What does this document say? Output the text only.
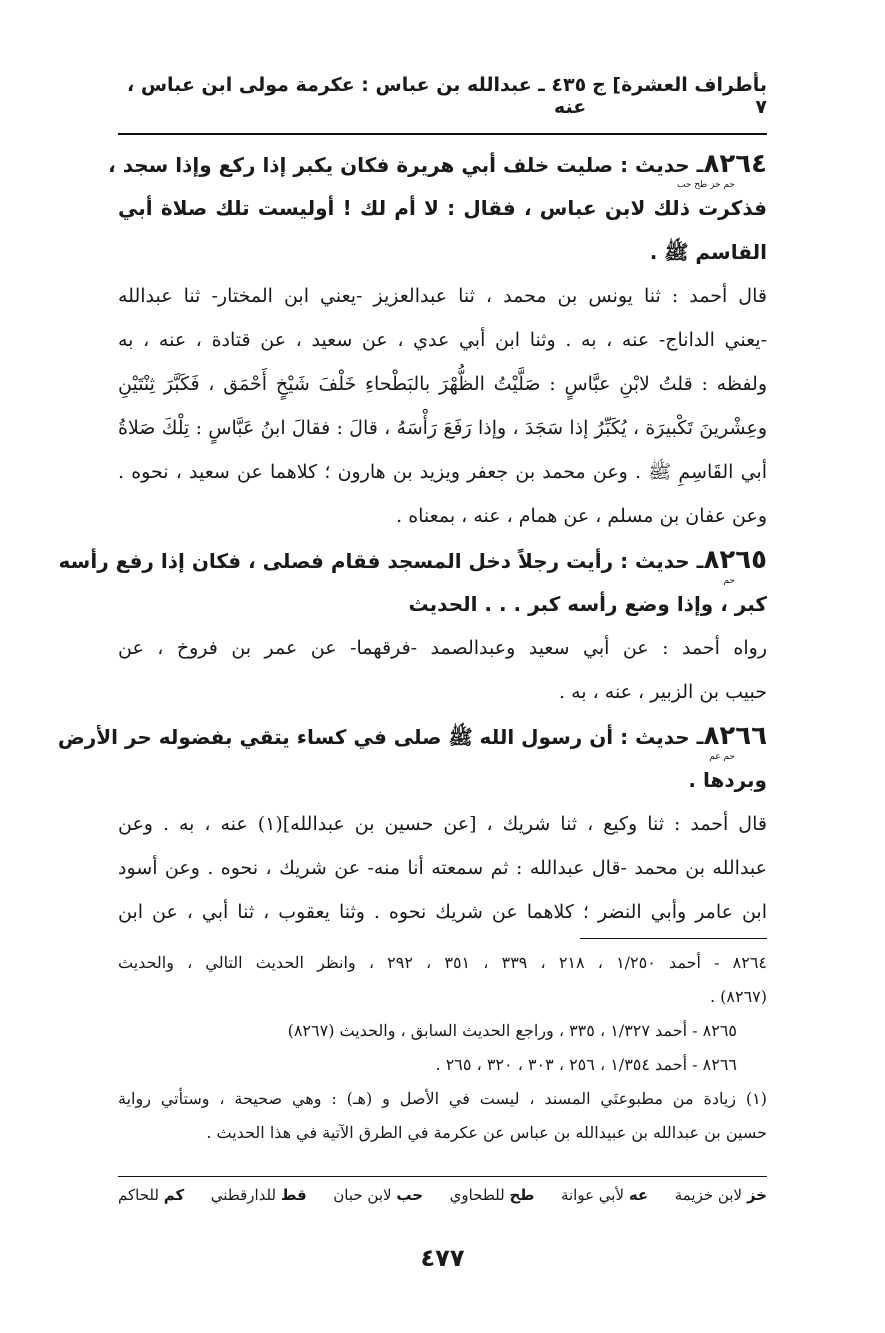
بأطراف العشرة] ج ٧
٤٣٥ ـ عبدالله بن عباس : عكرمة مولى ابن عباس ، عنه
٨٢٦٤ـ حديث : صليت خلف أبي هريرة فكان يكبر إذا ركع وإذا سجد ،
حم خز طح حب
فذكرت ذلك لابن عباس ، فقال : لا أم لك ! أوليست تلك صلاة أبي
القاسم ﷺ .
قال أحمد : ثنا يونس بن محمد ، ثنا عبدالعزيز -يعني ابن المختار- ثنا عبدالله
-يعني الداناج- عنه ، به . وثنا ابن أبي عدي ، عن سعيد ، عن قتادة ، عنه ، به
ولفظه : قلتُ لابْنِ عبَّاسٍ : صَلَّيْتُ الظُّهْرَ بالبَطْحاءِ خَلْفَ شَيْخٍ أَحْمَق ، فَكَبَّرَ ثِنْتَيْنِ
وعِشْرينَ تَكْبيرَة ، يُكَبِّرُ إذا سَجَدَ ، وإذا رَفَعَ رَأْسَهُ ، قالَ : فقالَ ابنُ عَبَّاسٍ : تِلْكَ صَلاةُ
أبي القَاسِمِ ﷺ . وعن محمد بن جعفر ويزيد بن هارون ؛ كلاهما عن سعيد ، نحوه .
وعن عفان بن مسلم ، عن همام ، عنه ، بمعناه .
٨٢٦٥ـ حديث : رأيت رجلاً دخل المسجد فقام فصلى ، فكان إذا رفع رأسه
حم
كبر ، وإذا وضع رأسه كبر . . . الحديث
رواه أحمد : عن أبي سعيد وعبدالصمد -فرقهما- عن عمر بن فروخ ، عن
حبيب بن الزبير ، عنه ، به .
٨٢٦٦ـ حديث : أن رسول الله ﷺ صلى في كساء يتقي بفضوله حر الأرض
حم عم
وبردها .
قال أحمد : ثنا وكيع ، ثنا شريك ، [عن حسين بن عبدالله](١) عنه ، به . وعن
عبدالله بن محمد -قال عبدالله : ثم سمعته أنا منه- عن شريك ، نحوه . وعن أسود
ابن عامر وأبي النضر ؛ كلاهما عن شريك نحوه . وثنا يعقوب ، ثنا أبي ، عن ابن
٨٢٦٤ - أحمد ١/٢٥٠ ، ٢١٨ ، ٣٣٩ ، ٣٥١ ، ٢٩٢ ، وانظر الحديث التالي ، والحديث
(٨٢٦٧) .
٨٢٦٥ - أحمد ١/٣٢٧ ، ٣٣٥ ، وراجع الحديث السابق ، والحديث (٨٢٦٧)
٨٢٦٦ - أحمد ١/٣٥٤ ، ٢٥٦ ، ٣٠٣ ، ٣٢٠ ، ٢٦٥ .
(١) زيادة من مطبوعتَي المسند ، ليست في الأصل و (هـ) : وهي صحيحة ، وستأتي رواية
حسين بن عبدالله بن عبيدالله بن عباس عن عكرمة في الطرق الآتية في هذا الحديث .
خز لابن خزيمة
عه لأبي عوانة
طح للطحاوي
حب لابن حبان
قط للدارقطني
كم للحاكم
٤٧٧
